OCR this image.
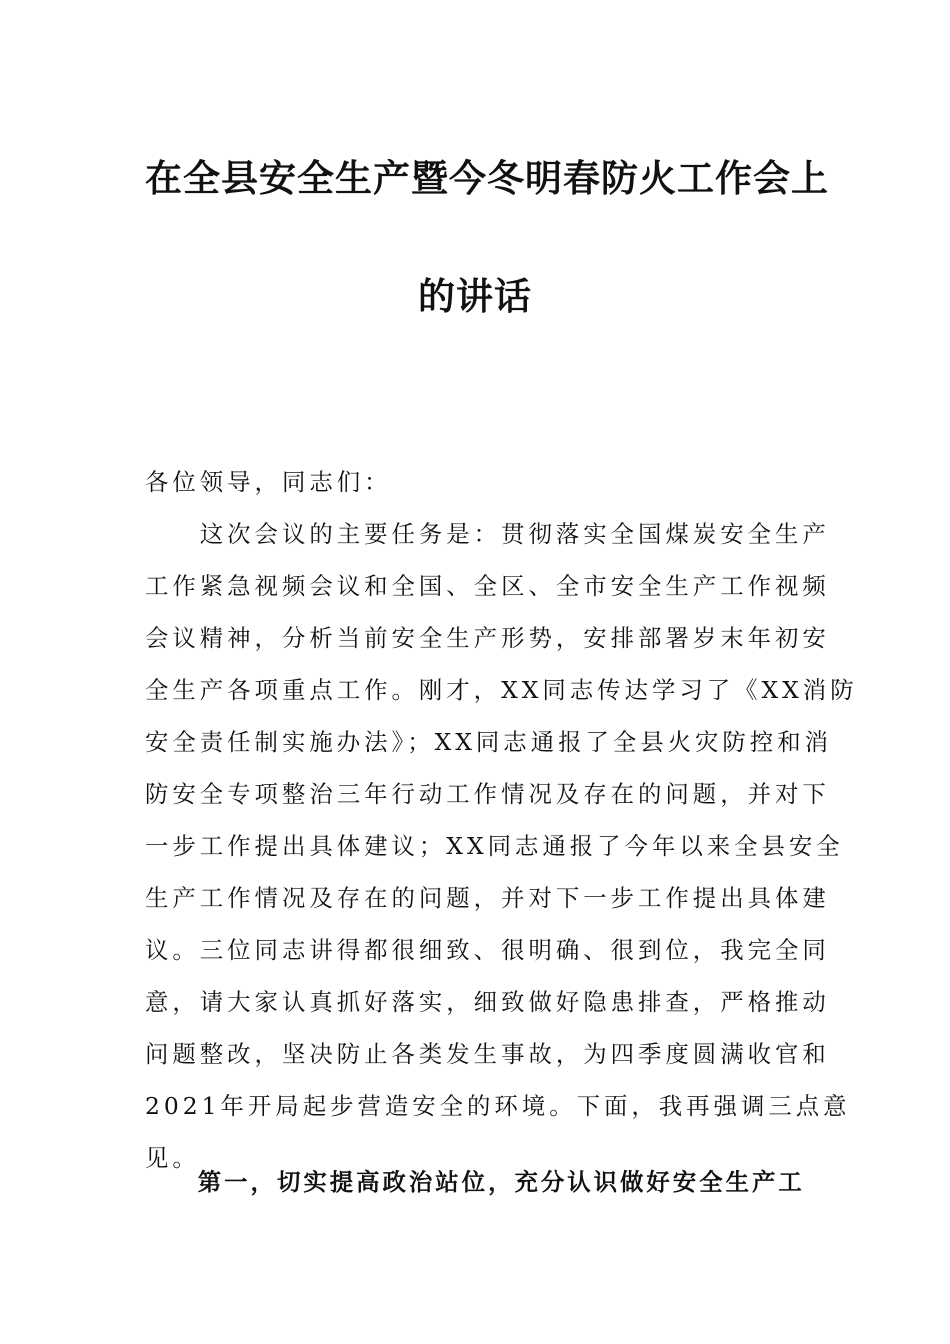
在全县安全生产暨今冬明春防火工作会上
的讲话
各位领导，同志们：
　　这次会议的主要任务是：贯彻落实全国煤炭安全生产
工作紧急视频会议和全国、全区、全市安全生产工作视频
会议精神，分析当前安全生产形势，安排部署岁末年初安
全生产各项重点工作。刚才，XX同志传达学习了《XX消防
安全责任制实施办法》；XX同志通报了全县火灾防控和消
防安全专项整治三年行动工作情况及存在的问题，并对下
一步工作提出具体建议；XX同志通报了今年以来全县安全
生产工作情况及存在的问题，并对下一步工作提出具体建
议。三位同志讲得都很细致、很明确、很到位，我完全同
意，请大家认真抓好落实，细致做好隐患排查，严格推动
问题整改，坚决防止各类发生事故，为四季度圆满收官和
2021年开局起步营造安全的环境。下面，我再强调三点意
见。
　　第一，切实提高政治站位，充分认识做好安全生产工
